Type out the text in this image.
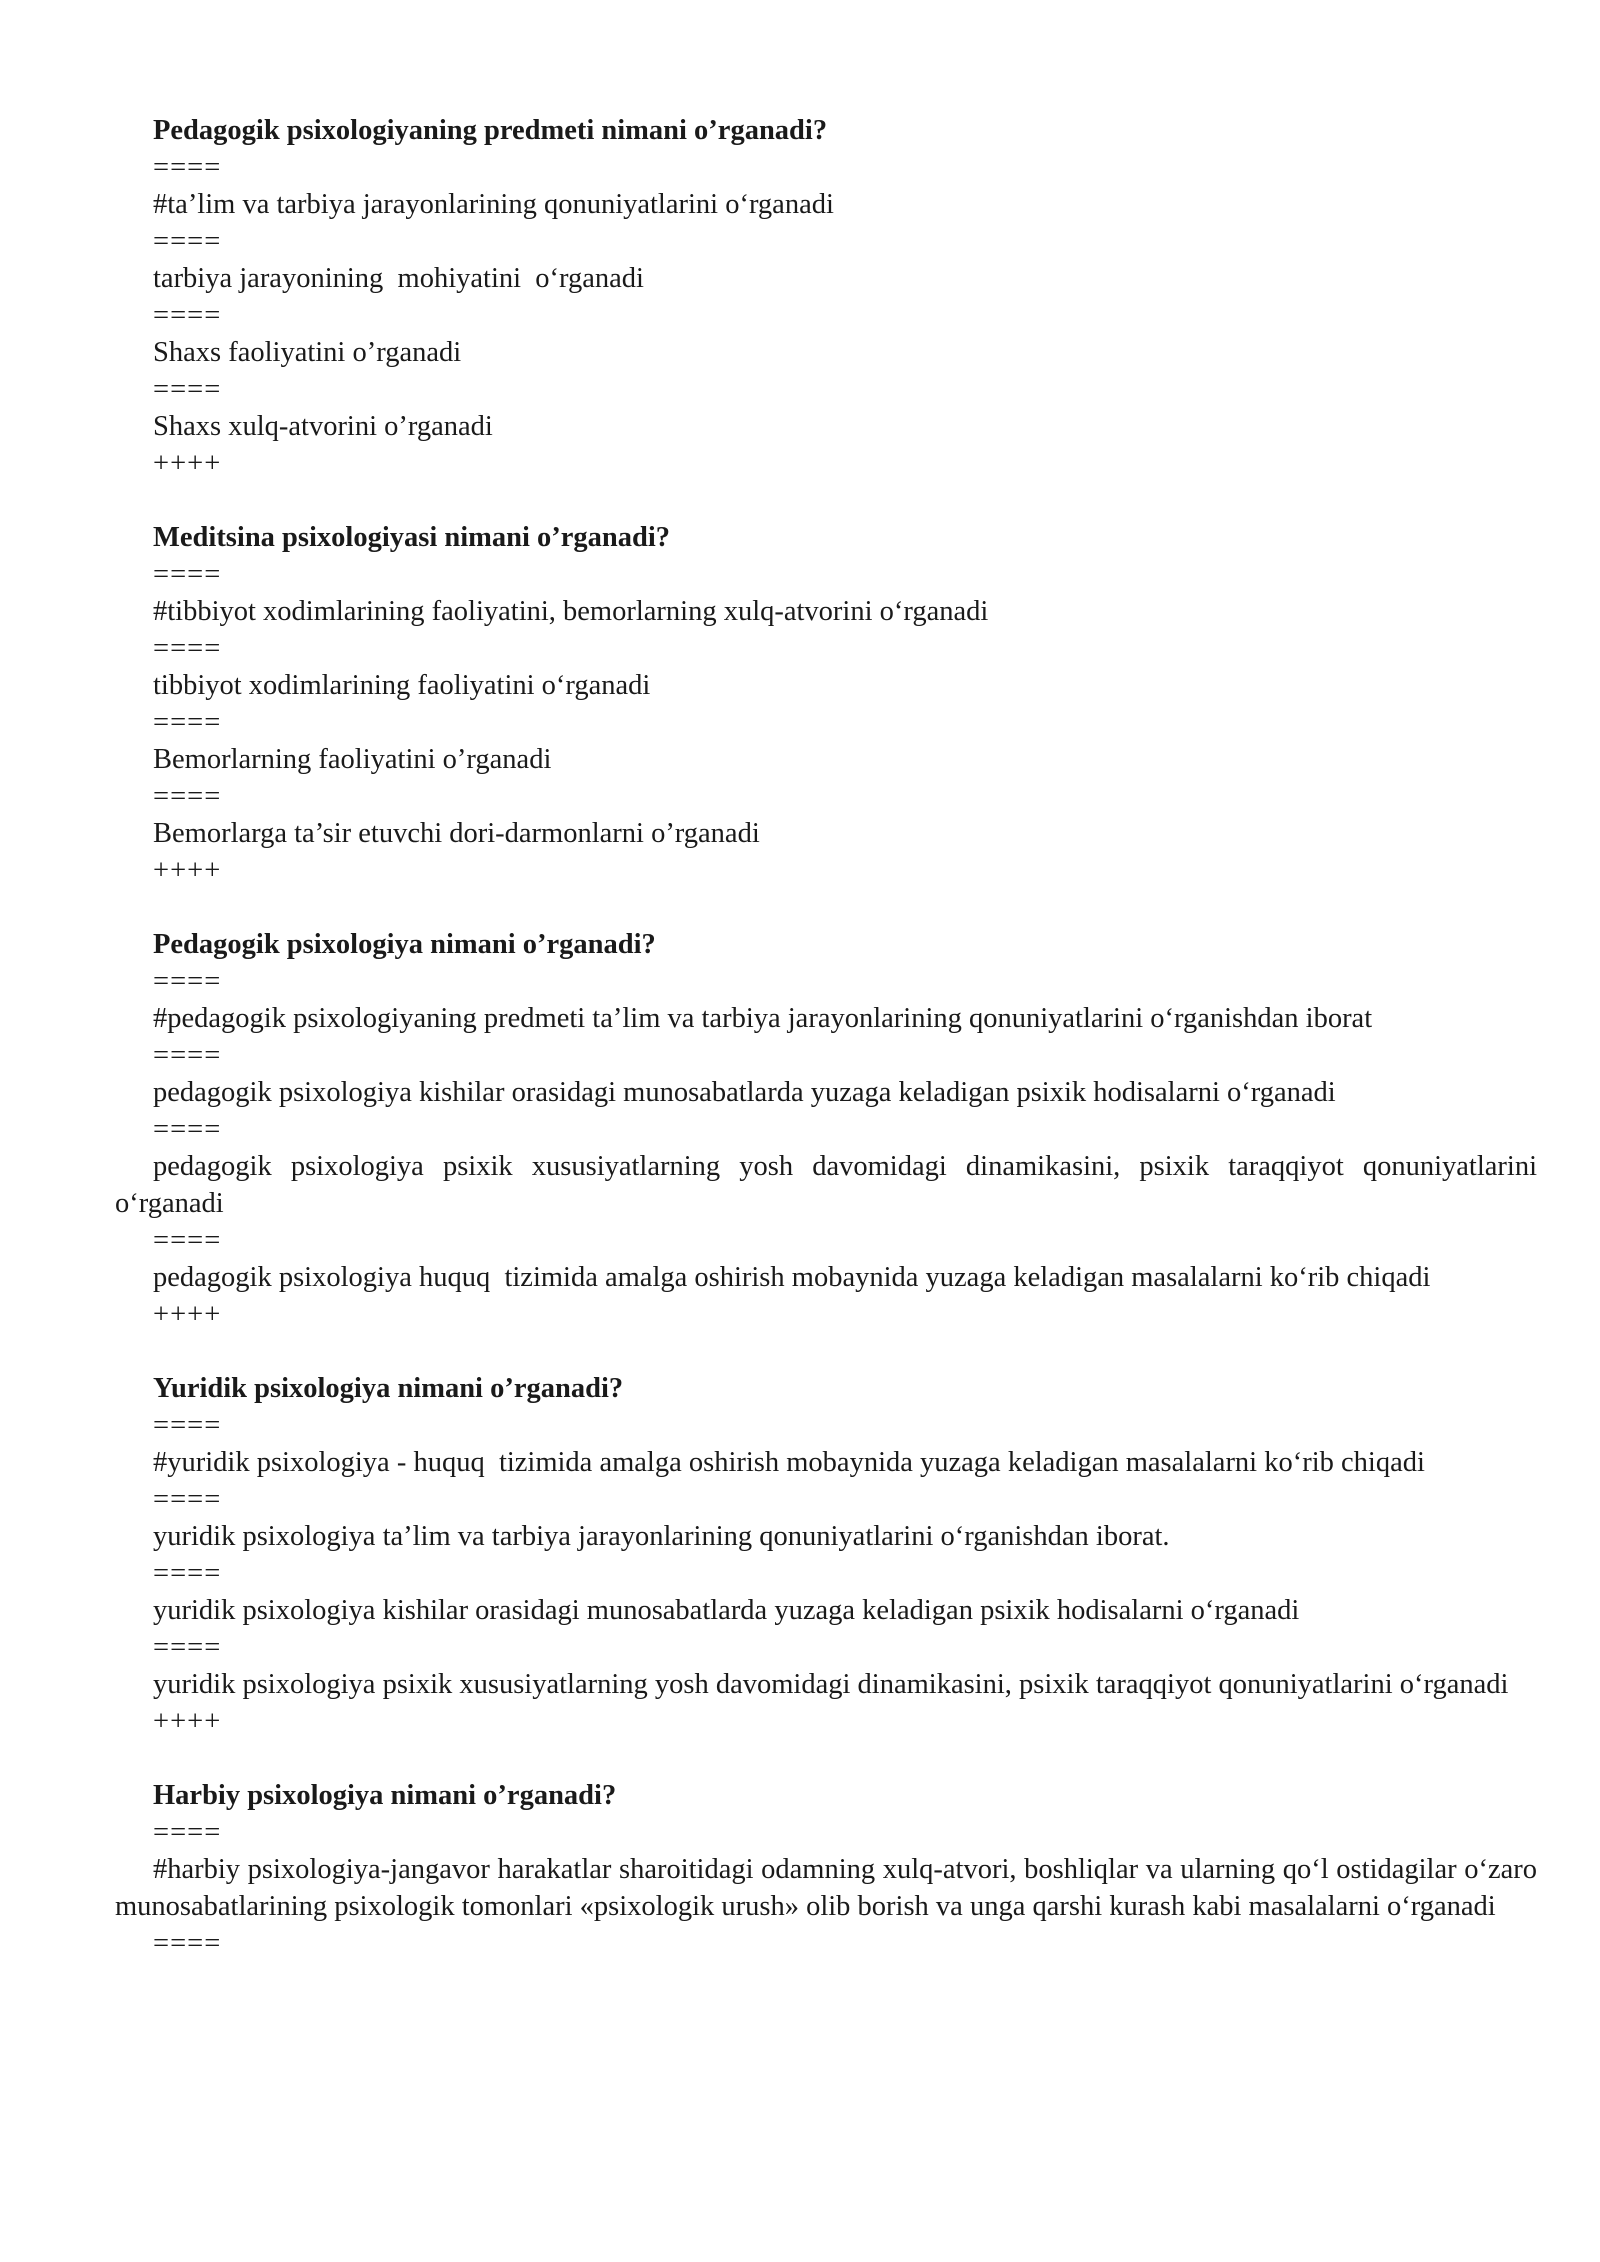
Pedagogik psixologiyaning predmeti nimani o’rganadi?
====
#ta’lim va tarbiya jarayonlarining qonuniyatlarini o‘rganadi
====
tarbiya jarayonining  mohiyatini  o‘rganadi
====
Shaxs faoliyatini o’rganadi
====
Shaxs xulq-atvorini o’rganadi
++++
Meditsina psixologiyasi nimani o’rganadi?
====
#tibbiyot xodimlarining faoliyatini, bemorlarning xulq-atvorini o‘rganadi
====
tibbiyot xodimlarining faoliyatini o‘rganadi
====
Bemorlarning faoliyatini o’rganadi
====
Bemorlarga ta’sir etuvchi dori-darmonlarni o’rganadi
++++
Pedagogik psixologiya nimani o’rganadi?
====
#pedagogik psixologiyaning predmeti ta’lim va tarbiya jarayonlarining qonuniyatlarini o‘rganishdan iborat
====
pedagogik psixologiya kishilar orasidagi munosabatlarda yuzaga keladigan psixik hodisalarni o‘rganadi
====
pedagogik psixologiya psixik xususiyatlarning yosh davomidagi dinamikasini, psixik taraqqiyot qonuniyatlarini o‘rganadi
====
pedagogik psixologiya huquq  tizimida amalga oshirish mobaynida yuzaga keladigan masalalarni ko‘rib chiqadi
++++
Yuridik psixologiya nimani o’rganadi?
====
#yuridik psixologiya - huquq  tizimida amalga oshirish mobaynida yuzaga keladigan masalalarni ko‘rib chiqadi
====
yuridik psixologiya ta’lim va tarbiya jarayonlarining qonuniyatlarini o‘rganishdan iborat.
====
yuridik psixologiya kishilar orasidagi munosabatlarda yuzaga keladigan psixik hodisalarni o‘rganadi
====
yuridik psixologiya psixik xususiyatlarning yosh davomidagi dinamikasini, psixik taraqqiyot qonuniyatlarini o‘rganadi
++++
Harbiy psixologiya nimani o’rganadi?
====
#harbiy psixologiya-jangavor harakatlar sharoitidagi odamning xulq-atvori, boshliqlar va ularning qo‘l ostidagilar o‘zaro munosabatlarining psixologik tomonlari «psixologik urush» olib borish va unga qarshi kurash kabi masalalarni o‘rganadi
====
